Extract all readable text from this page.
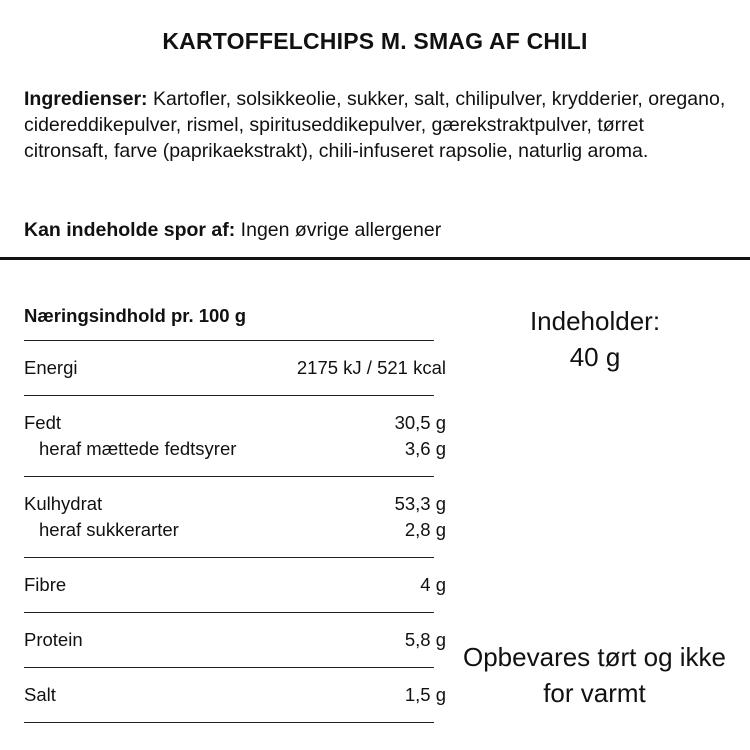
KARTOFFELCHIPS M. SMAG AF CHILI
Ingredienser: Kartofler, solsikkeolie, sukker, salt, chilipulver, krydderier, oregano, cidereddikepulver, rismel, spirituseddikepulver, gærekstraktpulver, tørret citronsaft, farve (paprikaekstrakt), chili-infuseret rapsolie, naturlig aroma.
Kan indeholde spor af: Ingen øvrige allergener
Næringsindhold pr. 100 g
Energi	2175 kJ / 521 kcal
Fedt	30,5 g
heraf mættede fedtsyrer	3,6 g
Kulhydrat	53,3 g
heraf sukkerarter	2,8 g
Fibre	4 g
Protein	5,8 g
Salt	1,5 g
Indeholder:
40 g
Opbevares tørt og ikke for varmt
